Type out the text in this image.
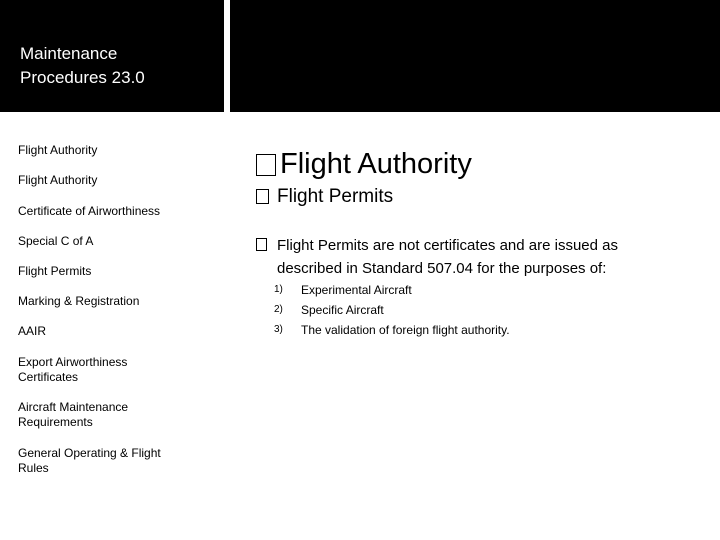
Maintenance
Procedures 23.0
Flight Authority
Flight Authority
Certificate of Airworthiness
Special C of A
Flight Permits
Marking & Registration
AAIR
Export Airworthiness Certificates
Aircraft Maintenance Requirements
General Operating & Flight Rules
Flight Authority
Flight Permits
Flight Permits are not certificates and are issued as described in Standard 507.04 for the purposes of:
1)	Experimental Aircraft
2)	Specific Aircraft
3)	The validation of foreign flight authority.
